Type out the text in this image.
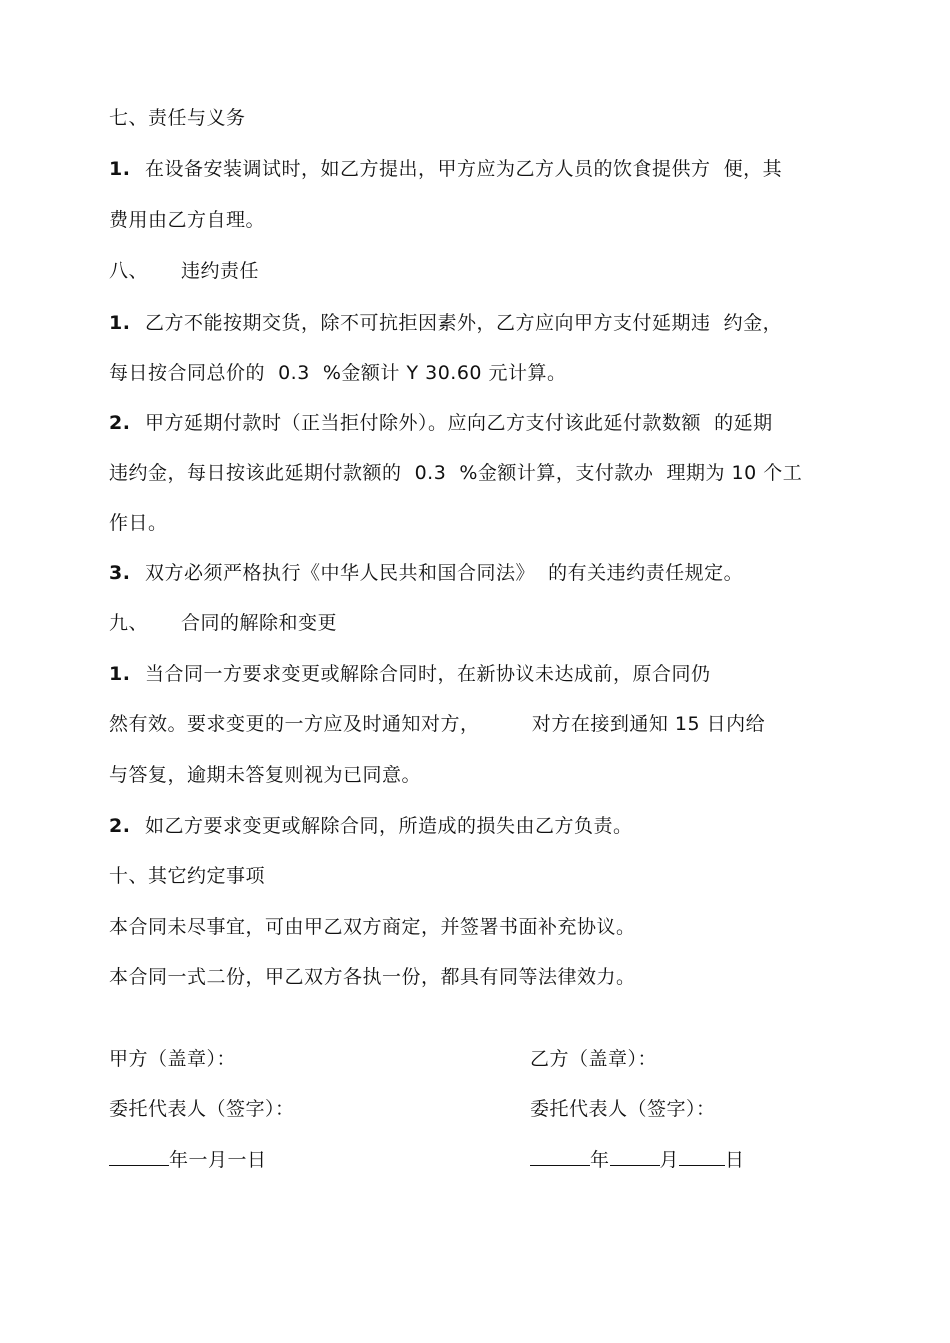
七、责任与义务
1. 在设备安装调试时，如乙方提出，甲方应为乙方人员的饮食提供方  便，其
费用由乙方自理。
八、 违约责任
1. 乙方不能按期交货，除不可抗拒因素外，乙方应向甲方支付延期违  约金，
每日按合同总价的  0.3  %金额计 Y 30.60 元计算。
2. 甲方延期付款时（正当拒付除外）。应向乙方支付该此延付款数额  的延期
违约金，每日按该此延期付款额的  0.3  %金额计算，支付款办  理期为 10 个工
作日。
3. 双方必须严格执行《中华人民共和国合同法》  的有关违约责任规定。
九、 合同的解除和变更
1. 当合同一方要求变更或解除合同时，在新协议未达成前，原合同仍
然有效。要求变更的一方应及时通知对方，        对方在接到通知 15 日内给
与答复，逾期未答复则视为已同意。
2. 如乙方要求变更或解除合同，所造成的损失由乙方负责。
十、其它约定事项
本合同未尽事宜，可由甲乙双方商定，并签署书面补充协议。
本合同一式二份，甲乙双方各执一份，都具有同等法律效力。
甲方（盖章）：
委托代表人（签字）：
年一月一日
乙方（盖章）：
委托代表人（签字）：
年	月 日
